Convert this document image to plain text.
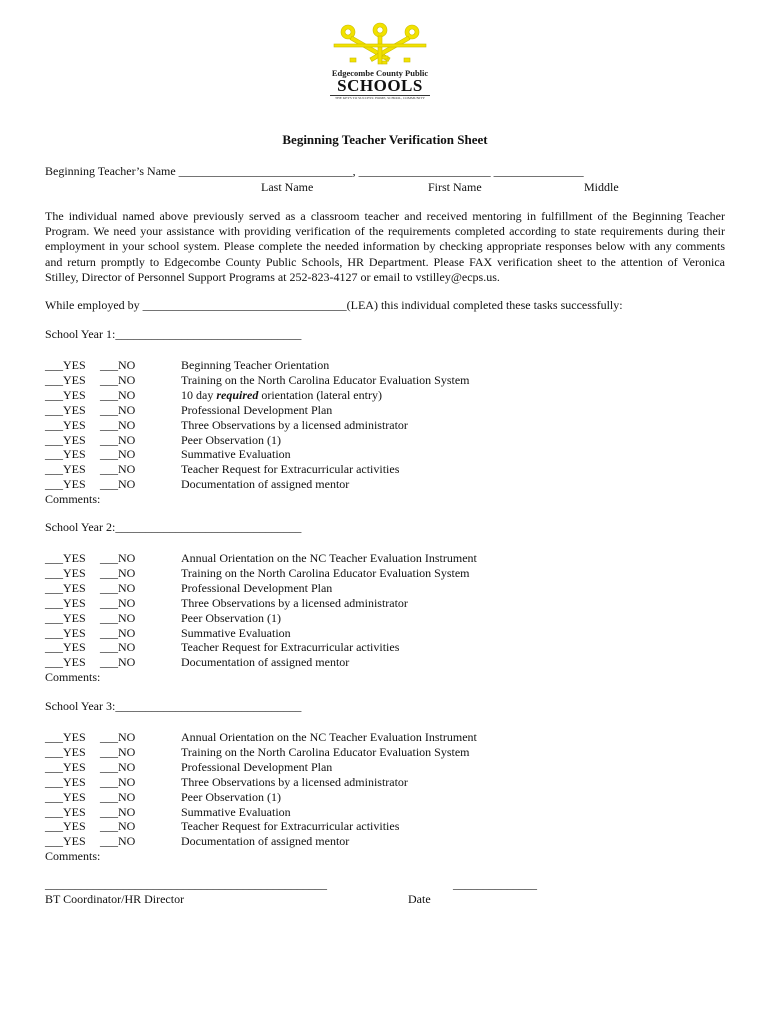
Edgecombe County Public
SCHOOLS
THE KEYS TO SUCCESS: HOME, SCHOOL, COMMUNITY
Beginning Teacher Verification Sheet
Beginning Teacher’s Name _____________________________, ______________________ _______________
Last Name	First Name	Middle
The individual named above previously served as a classroom teacher and received mentoring in fulfillment of the Beginning Teacher Program. We need your assistance with providing verification of the requirements completed according to state requirements during their employment in your school system. Please complete the needed information by checking appropriate responses below with any comments and return promptly to Edgecombe County Public Schools, HR Department. Please FAX verification sheet to the attention of Veronica Stilley, Director of Personnel Support Programs at 252-823-4127 or email to vstilley@ecps.us.
While employed by __________________________________(LEA) this individual completed these tasks successfully:
School Year 1:_______________________________
___YES ___NO	Beginning Teacher Orientation
___YES ___NO	Training on the North Carolina Educator Evaluation System
___YES ___NO	10 day required orientation (lateral entry)
___YES ___NO	Professional Development Plan
___YES ___NO	Three Observations by a licensed administrator
___YES ___NO	Peer Observation (1)
___YES ___NO	Summative Evaluation
___YES ___NO	Teacher Request for Extracurricular activities
___YES ___NO	Documentation of assigned mentor
Comments:
School Year 2:_______________________________
___YES ___NO	Annual Orientation on the NC Teacher Evaluation Instrument
___YES ___NO	Training on the North Carolina Educator Evaluation System
___YES ___NO	Professional Development Plan
___YES ___NO	Three Observations by a licensed administrator
___YES ___NO	Peer Observation (1)
___YES ___NO	Summative Evaluation
___YES ___NO	Teacher Request for Extracurricular activities
___YES ___NO	Documentation of assigned mentor
Comments:
School Year 3:_______________________________
___YES ___NO	Annual Orientation on the NC Teacher Evaluation Instrument
___YES ___NO	Training on the North Carolina Educator Evaluation System
___YES ___NO	Professional Development Plan
___YES ___NO	Three Observations by a licensed administrator
___YES ___NO	Peer Observation (1)
___YES ___NO	Summative Evaluation
___YES ___NO	Teacher Request for Extracurricular activities
___YES ___NO	Documentation of assigned mentor
Comments:
_______________________________________________	______________
BT Coordinator/HR Director	Date
